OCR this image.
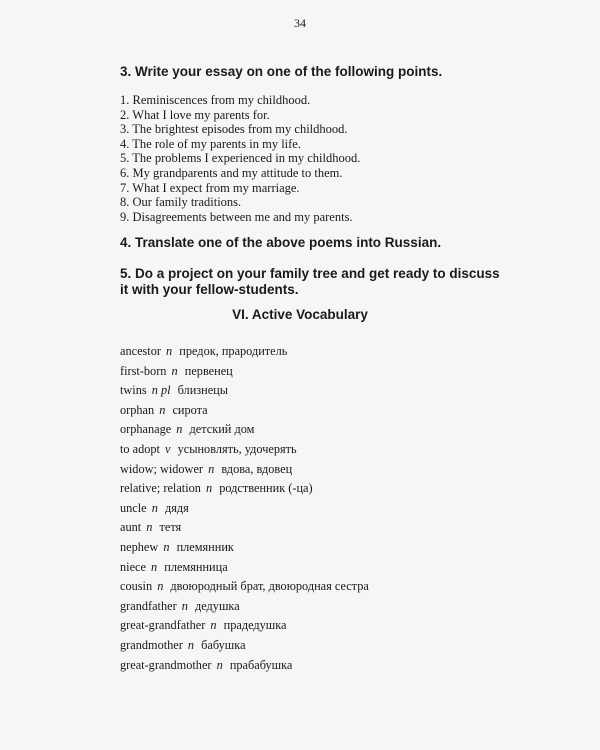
34
3. Write your essay on one of the following points.
1. Reminiscences from my childhood.
2. What I love my parents for.
3. The brightest episodes from my childhood.
4. The role of my parents in my life.
5. The problems I experienced in my childhood.
6. My grandparents and my attitude to them.
7. What I expect from my marriage.
8. Our family traditions.
9. Disagreements between me and my parents.
4. Translate one of the above poems into Russian.
5. Do a project on your family tree and get ready to discuss it with your fellow-students.
VI. Active Vocabulary
ancestor n предок, прародитель
first-born n первенец
twins n pl близнецы
orphan n сирота
orphanage n детский дом
to adopt v усыновлять, удочерять
widow; widower n вдова, вдовец
relative; relation n родственник (-ца)
uncle n дядя
aunt n тетя
nephew n племянник
niece n племянница
cousin n двоюродный брат, двоюродная сестра
grandfather n дедушка
great-grandfather n прадедушка
grandmother n бабушка
great-grandmother n прабабушка
